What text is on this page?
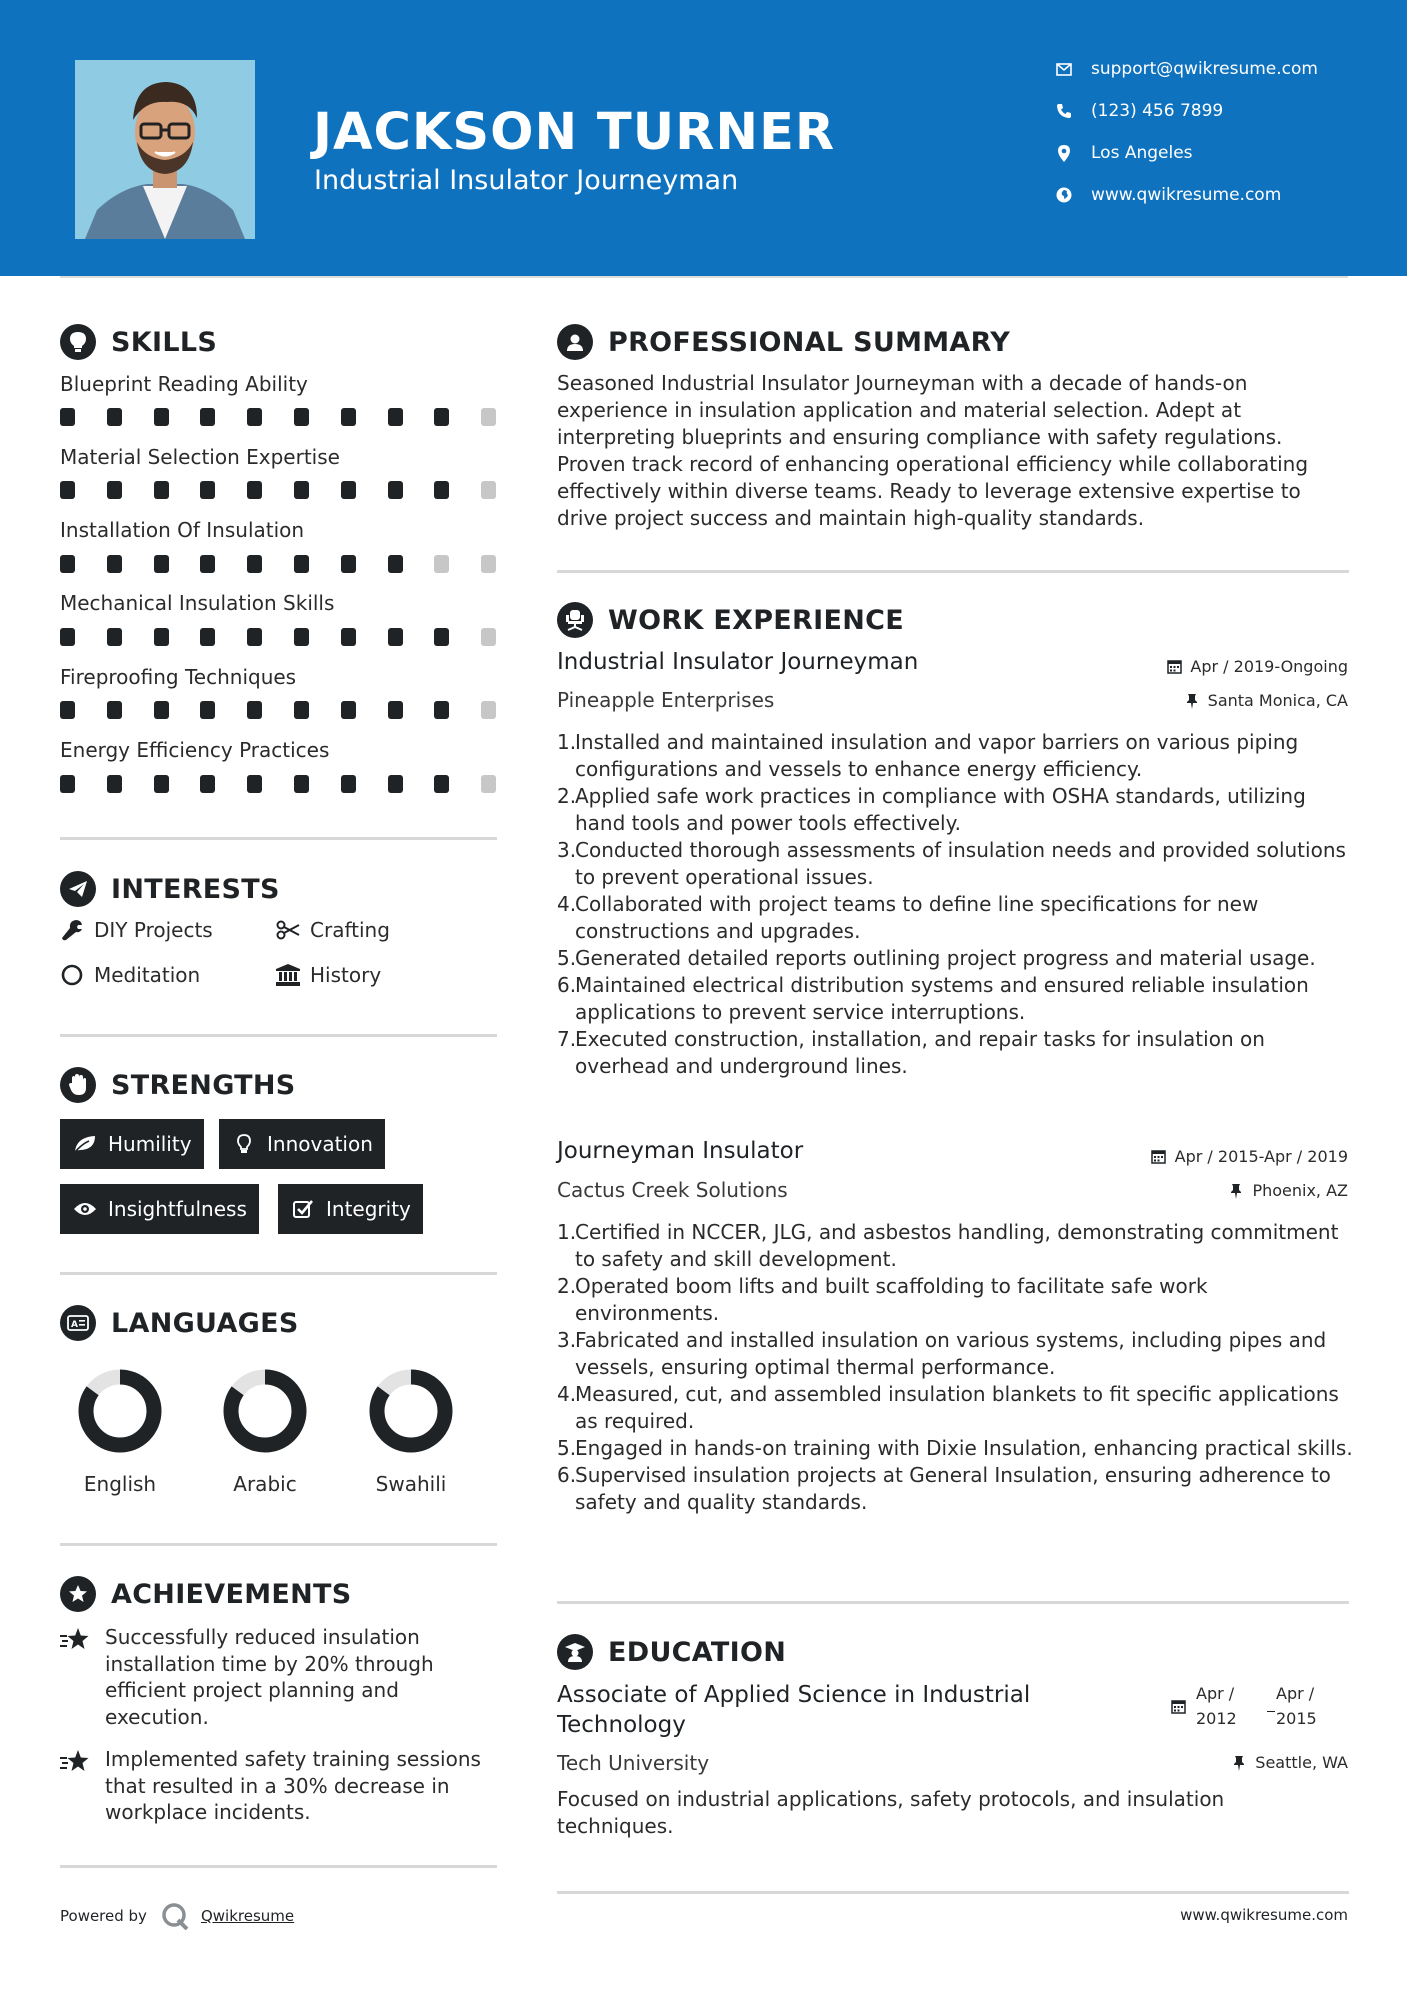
JACKSON TURNER
Industrial Insulator Journeyman
support@qwikresume.com
(123) 456 7899
Los Angeles
www.qwikresume.com
SKILLS
Blueprint Reading Ability
Material Selection Expertise
Installation Of Insulation
Mechanical Insulation Skills
Fireproofing Techniques
Energy Efficiency Practices
INTERESTS
DIY Projects	Crafting
Meditation	History
STRENGTHS
Humility	Innovation
Insightfulness	Integrity
A LANGUAGES
English	Arabic	Swahili
ACHIEVEMENTS
Successfully reduced insulation installation time by 20% through efficient project planning and execution.
Implemented safety training sessions that resulted in a 30% decrease in workplace incidents.
PROFESSIONAL SUMMARY
Seasoned Industrial Insulator Journeyman with a decade of hands-on experience in insulation application and material selection. Adept at interpreting blueprints and ensuring compliance with safety regulations. Proven track record of enhancing operational efficiency while collaborating effectively within diverse teams. Ready to leverage extensive expertise to drive project success and maintain high-quality standards.
WORK EXPERIENCE
Industrial Insulator Journeyman	Apr / 2019-Ongoing
Pineapple Enterprises	Santa Monica, CA
1.
Installed and maintained insulation and vapor barriers on various piping configurations and vessels to enhance energy efficiency.
2.
Applied safe work practices in compliance with OSHA standards, utilizing hand tools and power tools effectively.
3.
Conducted thorough assessments of insulation needs and provided solutions to prevent operational issues.
4.
Collaborated with project teams to define line specifications for new constructions and upgrades.
5.
Generated detailed reports outlining project progress and material usage.
6.
Maintained electrical distribution systems and ensured reliable insulation applications to prevent service interruptions.
7.
Executed construction, installation, and repair tasks for insulation on overhead and underground lines.
Journeyman Insulator	Apr / 2015-Apr / 2019
Cactus Creek Solutions	Phoenix, AZ
1.
Certified in NCCER, JLG, and asbestos handling, demonstrating commitment to safety and skill development.
2.
Operated boom lifts and built scaffolding to facilitate safe work environments.
3.
Fabricated and installed insulation on various systems, including pipes and vessels, ensuring optimal thermal performance.
4.
Measured, cut, and assembled insulation blankets to fit specific applications as required.
5.
Engaged in hands-on training with Dixie Insulation, enhancing practical skills.
6.
Supervised insulation projects at General Insulation, ensuring adherence to safety and quality standards.
EDUCATION
Associate of Applied Science in Industrial Technology
Apr /
2012
Apr /
2015
Tech University	Seattle, WA
Focused on industrial applications, safety protocols, and insulation techniques.
Powered by	Qwikresume	www.qwikresume.com
